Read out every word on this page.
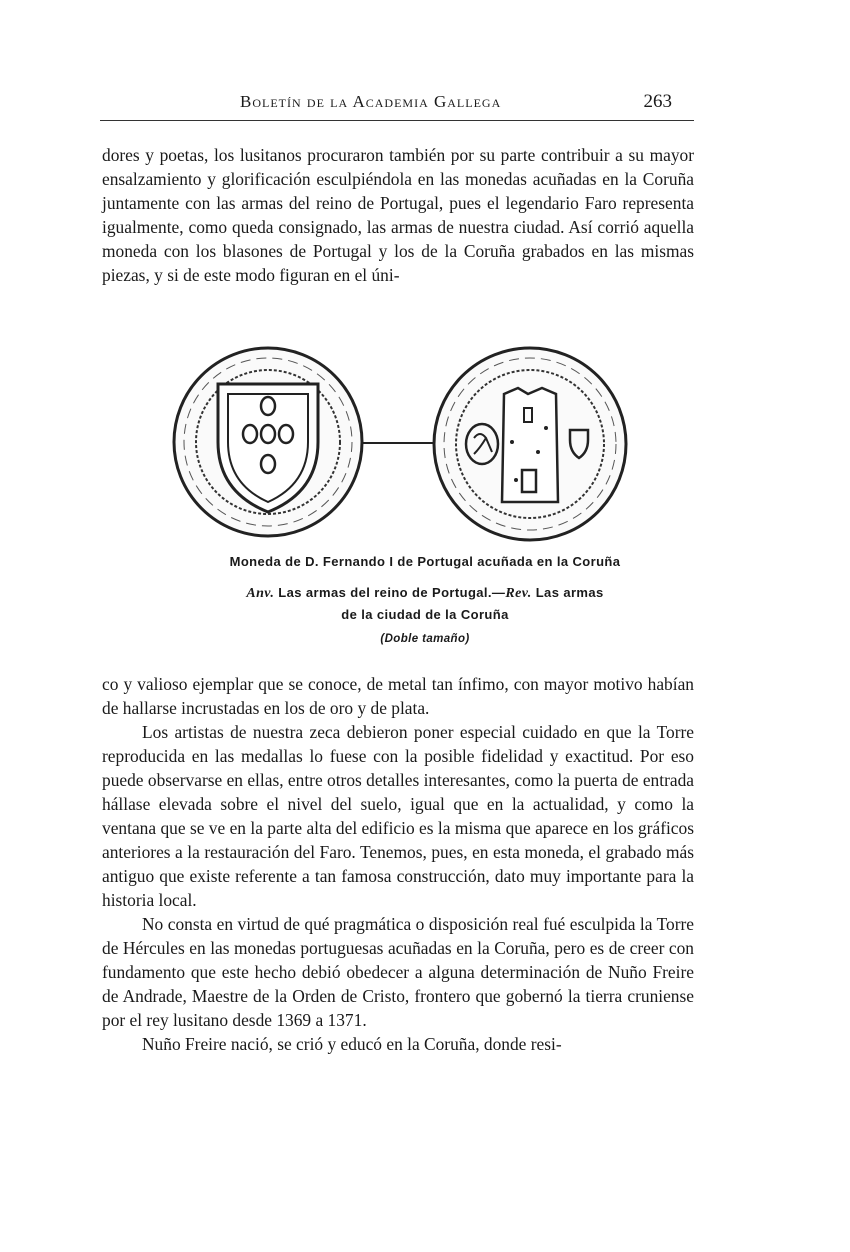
Boletín de la Academia Gallega	263

dores y poetas, los lusitanos procuraron también por su parte contribuir a su mayor ensalzamiento y glorificación esculpiéndola en las monedas acuñadas en la Coruña juntamente con las armas del reino de Portugal, pues el legendario Faro representa igualmente, como queda consignado, las armas de nuestra ciudad. Así corrió aquella moneda con los blasones de Portugal y los de la Coruña grabados en las mismas piezas, y si de este modo figuran en el úni-

Moneda de D. Fernando I de Portugal acuñada en la Coruña
Anv. Las armas del reino de Portugal.—Rev. Las armas
de la ciudad de la Coruña
(Doble tamaño)

co y valioso ejemplar que se conoce, de metal tan ínfimo, con mayor motivo habían de hallarse incrustadas en los de oro y de plata.

Los artistas de nuestra zeca debieron poner especial cuidado en que la Torre reproducida en las medallas lo fuese con la posible fidelidad y exactitud. Por eso puede observarse en ellas, entre otros detalles interesantes, como la puerta de entrada hállase elevada sobre el nivel del suelo, igual que en la actualidad, y como la ventana que se ve en la parte alta del edificio es la misma que aparece en los gráficos anteriores a la restauración del Faro. Tenemos, pues, en esta moneda, el grabado más antiguo que existe referente a tan famosa construcción, dato muy importante para la historia local.

No consta en virtud de qué pragmática o disposición real fué esculpida la Torre de Hércules en las monedas portuguesas acuñadas en la Coruña, pero es de creer con fundamento que este hecho debió obedecer a alguna determinación de Nuño Freire de Andrade, Maestre de la Orden de Cristo, frontero que gobernó la tierra cruniense por el rey lusitano desde 1369 a 1371.

Nuño Freire nació, se crió y educó en la Coruña, donde resi-
